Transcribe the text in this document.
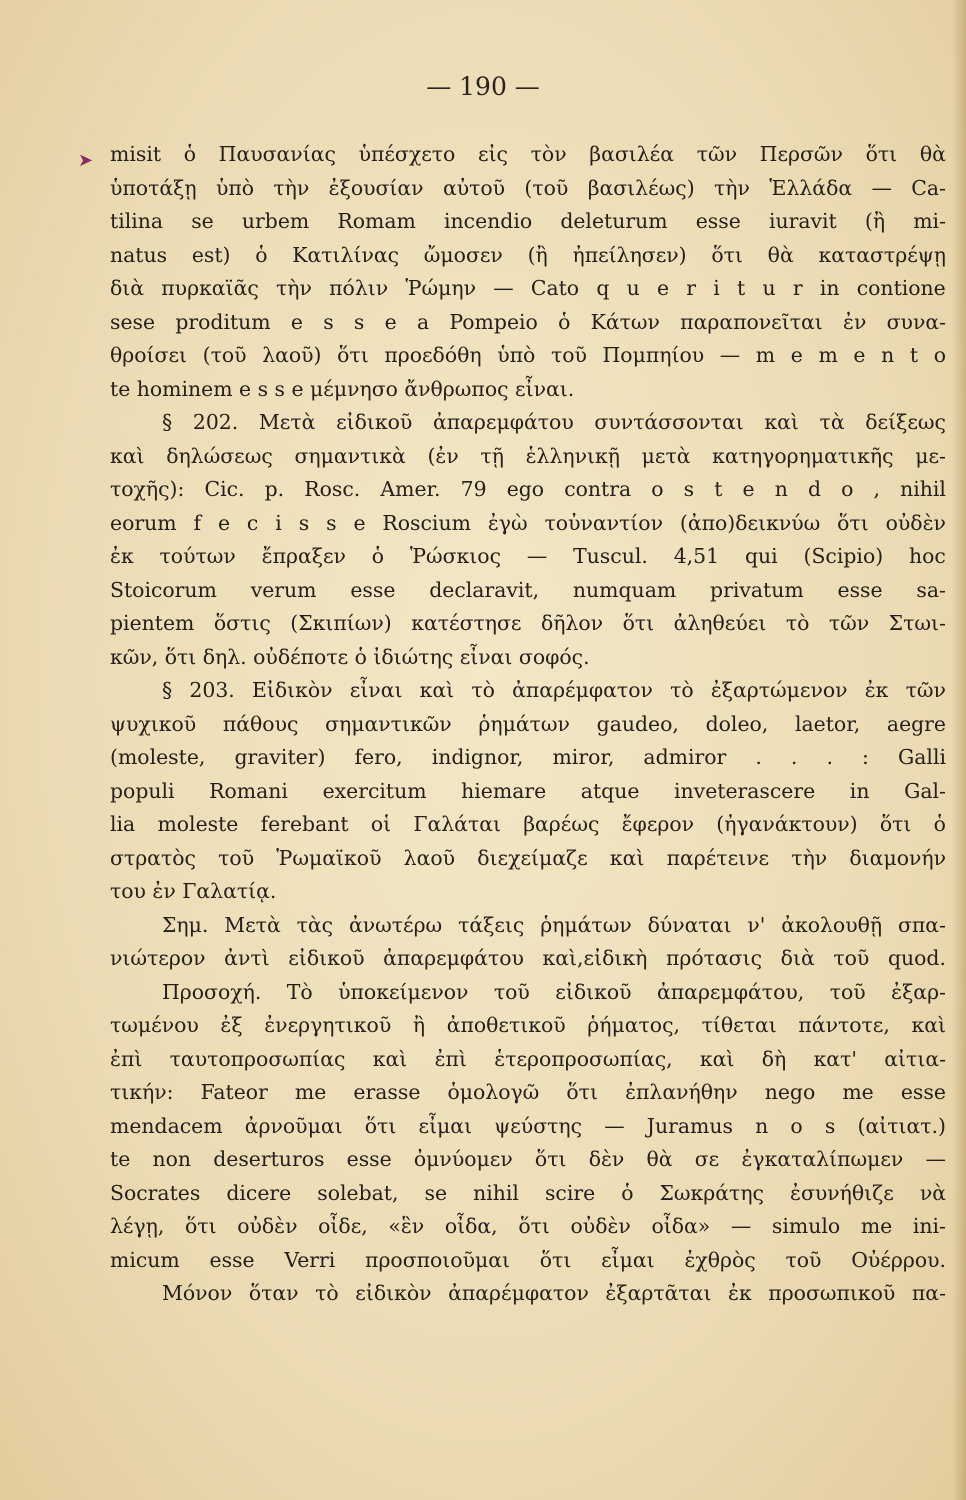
— 190 —
➤ misit ὁ Παυσανίας ὑπέσχετο εἰς τὸν βασιλέα τῶν Περσῶν ὅτι θὰ
ὑποτάξῃ ὑπὸ τὴν ἐξουσίαν αὐτοῦ (τοῦ βασιλέως) τὴν Ἑλλάδα — Ca-
tilina se urbem Romam incendio deleturum esse iuravit (ἢ mi-
natus est) ὁ Κατιλίνας ὤμοσεν (ἢ ἠπείλησεν) ὅτι θὰ καταστρέψῃ
διὰ πυρκαϊᾶς τὴν πόλιν Ῥώμην — Cato q u e r i t u r in contione
sese proditum e s s e a Pompeio ὁ Κάτων παραπονεῖται ἐν συνα-
θροίσει (τοῦ λαοῦ) ὅτι προεδόθη ὑπὸ τοῦ Πομπηίου — m e m e n t o
te hominem e s s e μέμνησο ἄνθρωπος εἶναι.
§ 202. Μετὰ εἰδικοῦ ἀπαρεμφάτου συντάσσονται καὶ τὰ δείξεως
καὶ δηλώσεως σημαντικὰ (ἐν τῇ ἑλληνικῇ μετὰ κατηγορηματικῆς με-
τοχῆς): Cic. p. Rosc. Amer. 79 ego contra o s t e n d o , nihil
eorum f e c i s s e Roscium ἐγὼ τοὐναντίον (ἀπο)δεικνύω ὅτι οὐδὲν
ἐκ τούτων ἔπραξεν ὁ Ῥώσκιος — Tuscul. 4,51 qui (Scipio) hoc
Stoicorum verum esse declaravit, numquam privatum esse sa-
pientem ὅστις (Σκιπίων) κατέστησε δῆλον ὅτι ἀληθεύει τὸ τῶν Στωι-
κῶν, ὅτι δηλ. οὐδέποτε ὁ ἰδιώτης εἶναι σοφός.
§ 203. Εἰδικὸν εἶναι καὶ τὸ ἀπαρέμφατον τὸ ἐξαρτώμενον ἐκ τῶν
ψυχικοῦ πάθους σημαντικῶν ῥημάτων gaudeo, doleo, laetor, aegre
(moleste, graviter) fero, indignor, miror, admiror . . . : Galli
populi Romani exercitum hiemare atque inveterascere in Gal-
lia moleste ferebant οἱ Γαλάται βαρέως ἔφερον (ἠγανάκτουν) ὅτι ὁ
στρατὸς τοῦ Ῥωμαϊκοῦ λαοῦ διεχείμαζε καὶ παρέτεινε τὴν διαμονήν
του ἐν Γαλατίᾳ.
Σημ. Μετὰ τὰς ἀνωτέρω τάξεις ῥημάτων δύναται ν' ἀκολουθῇ σπα-
νιώτερον ἀντὶ εἰδικοῦ ἀπαρεμφάτου καὶ,εἰδικὴ πρότασις διὰ τοῦ quod.
Προσοχή. Τὸ ὑποκείμενον τοῦ εἰδικοῦ ἀπαρεμφάτου, τοῦ ἐξαρ-
τωμένου ἐξ ἐνεργητικοῦ ἢ ἀποθετικοῦ ῥήματος, τίθεται πάντοτε, καὶ
ἐπὶ ταυτοπροσωπίας καὶ ἐπὶ ἑτεροπροσωπίας, καὶ δὴ κατ' αἰτια-
τικήν: Fateor me erasse ὁμολογῶ ὅτι ἐπλανήθην nego me esse
mendacem ἀρνοῦμαι ὅτι εἶμαι ψεύστης — Juramus n o s (αἰτιατ.)
te non deserturos esse ὀμνύομεν ὅτι δὲν θὰ σε ἐγκαταλίπωμεν —
Socrates dicere solebat, se nihil scire ὁ Σωκράτης ἐσυνήθιζε νὰ
λέγῃ, ὅτι οὐδὲν οἶδε, «ἓν οἶδα, ὅτι οὐδὲν οἶδα» — simulo me ini-
micum esse Verri προσποιοῦμαι ὅτι εἶμαι ἐχθρὸς τοῦ Οὐέρρου.
Μόνον ὅταν τὸ εἰδικὸν ἀπαρέμφατον ἐξαρτᾶται ἐκ προσωπικοῦ πα-
